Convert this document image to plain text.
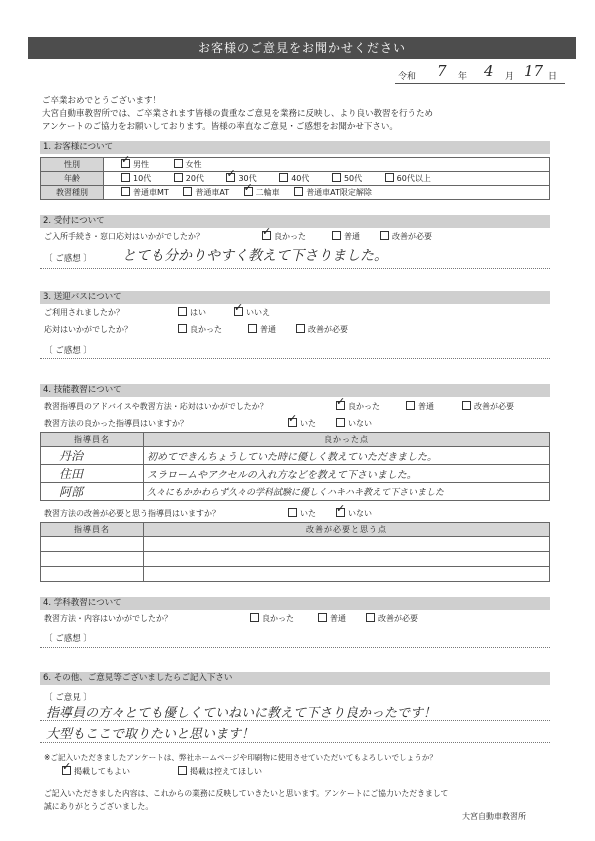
お客様のご意見をお聞かせください
令和 7 年 4 月 17 日
ご卒業おめでとうございます！
大宮自動車教習所では、ご卒業されます皆様の貴重なご意見を業務に反映し、より良い教習を行うため
アンケートのご協力をお願いしております。皆様の率直なご意見・ご感想をお聞かせ下さい。
1. お客様について
性別	✓男性 女性
年齢	10代 20代 ✓ 30代 40代 50代 60代以上
教習種別	普通車MT 普通車AT ✓ 二輪車 普通車AT限定解除
2. 受付について
ご入所手続き・窓口応対はいかがでしたか？ ✓	良かった	普通	改善が必要
〔 ご感想 〕 とても分かりやすく教えて下さりました。
3. 送迎バスについて
ご利用されましたか？	はい ✓	いいえ
応対はいかがでしたか？	良かった	普通	改善が必要
〔 ご感想 〕
4. 技能教習について
教習指導員のアドバイスや教習方法・応対はいかがでしたか？ ✓	良かった	普通	改善が必要
教習方法の良かった指導員はいますか？ ✓	いた	いない
指導員名	良かった点
丹治	初めてできんちょうしていた時に優しく教えていただきました。
住田	スラロームやアクセルの入れ方などを教えて下さいました。
阿部	久々にもかかわらず久々の学科試験に優しくハキハキ教えて下さいました
教習方法の改善が必要と思う指導員はいますか？	いた ✓	いない
指導員名	改善が必要と思う点

4. 学科教習について
教習方法・内容はいかがでしたか？	良かった	普通	改善が必要
〔 ご感想 〕
6. その他、ご意見等ございましたらご記入下さい
〔 ご意見 〕
指導員の方々とても優しくていねいに教えて下さり良かったです！
大型もここで取りたいと思います！
※ご記入いただきましたアンケートは、弊社ホームページや印刷物に使用させていただいてもよろしいでしょうか？
✓掲載してもよい	掲載は控えてほしい
ご記入いただきました内容は、これからの業務に反映していきたいと思います。アンケートにご協力いただきまして
誠にありがとうございました。
大宮自動車教習所
